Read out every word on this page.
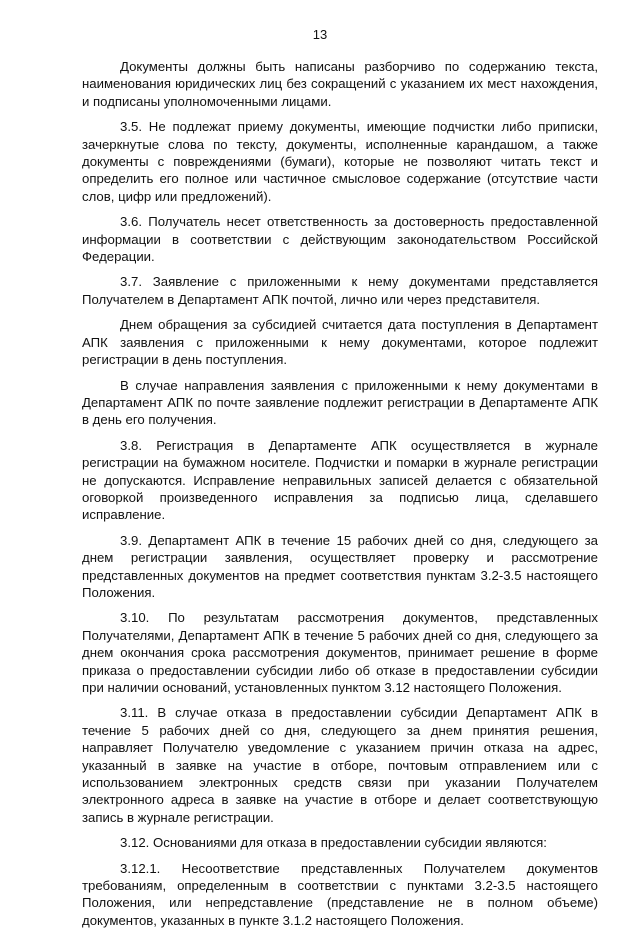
13

Документы должны быть написаны разборчиво по содержанию текста, наименования юридических лиц без сокращений с указанием их мест нахождения, и подписаны уполномоченными лицами.

3.5. Не подлежат приему документы, имеющие подчистки либо приписки, зачеркнутые слова по тексту, документы, исполненные карандашом, а также документы с повреждениями (бумаги), которые не позволяют читать текст и определить его полное или частичное смысловое содержание (отсутствие части слов, цифр или предложений).

3.6. Получатель несет ответственность за достоверность предоставленной информации в соответствии с действующим законодательством Российской Федерации.

3.7. Заявление с приложенными к нему документами представляется Получателем в Департамент АПК почтой, лично или через представителя.

Днем обращения за субсидией считается дата поступления в Департамент АПК заявления с приложенными к нему документами, которое подлежит регистрации в день поступления.

В случае направления заявления с приложенными к нему документами в Департамент АПК по почте заявление подлежит регистрации в Департаменте АПК в день его получения.

3.8. Регистрация в Департаменте АПК осуществляется в журнале регистрации на бумажном носителе. Подчистки и помарки в журнале регистрации не допускаются. Исправление неправильных записей делается с обязательной оговоркой произведенного исправления за подписью лица, сделавшего исправление.

3.9. Департамент АПК в течение 15 рабочих дней со дня, следующего за днем регистрации заявления, осуществляет проверку и рассмотрение представленных документов на предмет соответствия пунктам 3.2-3.5 настоящего Положения.

3.10. По результатам рассмотрения документов, представленных Получателями, Департамент АПК в течение 5 рабочих дней со дня, следующего за днем окончания срока рассмотрения документов, принимает решение в форме приказа о предоставлении субсидии либо об отказе в предоставлении субсидии при наличии оснований, установленных пунктом 3.12 настоящего Положения.

3.11. В случае отказа в предоставлении субсидии Департамент АПК в течение 5 рабочих дней со дня, следующего за днем принятия решения, направляет Получателю уведомление с указанием причин отказа на адрес, указанный в заявке на участие в отборе, почтовым отправлением или с использованием электронных средств связи при указании Получателем электронного адреса в заявке на участие в отборе и делает соответствующую запись в журнале регистрации.

3.12. Основаниями для отказа в предоставлении субсидии являются:

3.12.1. Несоответствие представленных Получателем документов требованиям, определенным в соответствии с пунктами 3.2-3.5 настоящего Положения, или непредставление (представление не в полном объеме) документов, указанных в пункте 3.1.2 настоящего Положения.
